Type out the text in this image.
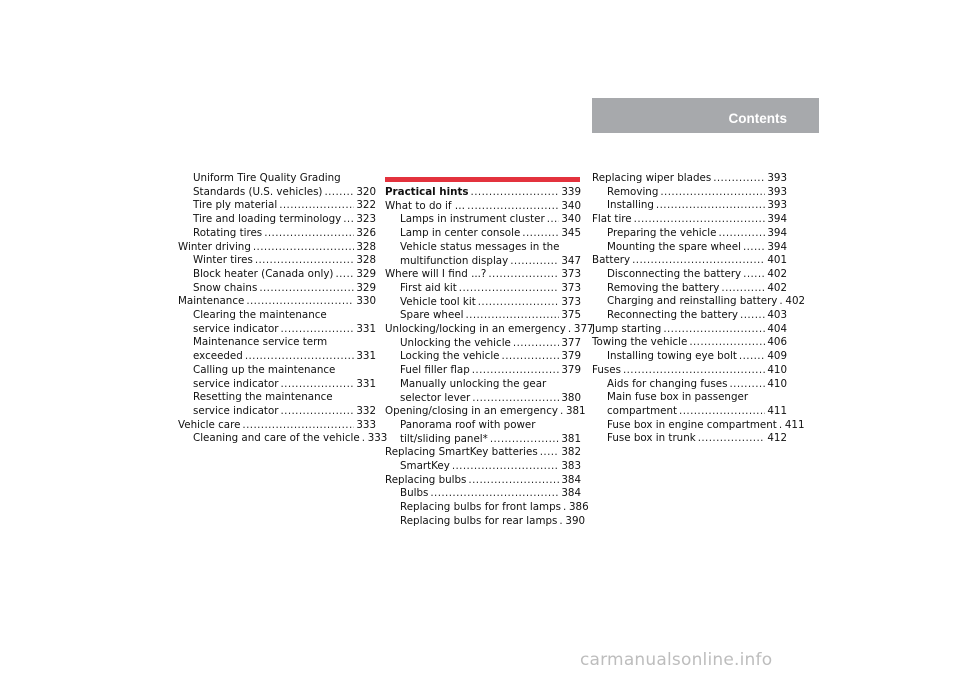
Contents
Uniform Tire Quality Grading
Standards (U.S. vehicles) .....	320
Tire ply material .....	322
Tire and loading terminology ..... 323
Rotating tires .....	326
Winter driving .....	328
Winter tires .....	328
Block heater (Canada only) ..... 329
Snow chains .....	329
Maintenance .....	330
Clearing the maintenance
service indicator .....	331
Maintenance service term
exceeded .....	331
Calling up the maintenance
service indicator .....	331
Resetting the maintenance
service indicator .....	332
Vehicle care .....	333
Cleaning and care of the vehicle ..... 333
Practical hints .....	339
What to do if … .....	340
Lamps in instrument cluster ..... 340
Lamp in center console .....	345
Vehicle status messages in the
multifunction display .....	347
Where will I find ...? .....	373
First aid kit .....	373
Vehicle tool kit .....	373
Spare wheel .....	375
Unlocking/locking in an emergency ..... 377
Unlocking the vehicle .....	377
Locking the vehicle .....	379
Fuel filler flap .....	379
Manually unlocking the gear
selector lever .....	380
Opening/closing in an emergency ..... 381
Panorama roof with power
tilt/sliding panel* .....	381
Replacing SmartKey batteries ..... 382
SmartKey .....	383
Replacing bulbs .....	384
Bulbs .....	384
Replacing bulbs for front lamps ..... 386
Replacing bulbs for rear lamps ..... 390
Replacing wiper blades .....	393
Removing .....	393
Installing .....	393
Flat tire .....	394
Preparing the vehicle .....	394
Mounting the spare wheel .....	394
Battery .....	401
Disconnecting the battery .....	402
Removing the battery .....	402
Charging and reinstalling battery ..... 402
Reconnecting the battery .....	403
Jump starting .....	404
Towing the vehicle .....	406
Installing towing eye bolt .....	409
Fuses .....	410
Aids for changing fuses .....	410
Main fuse box in passenger
compartment .....	411
Fuse box in engine compartment ..... 411
Fuse box in trunk .....	412
carmanualsonline.info
